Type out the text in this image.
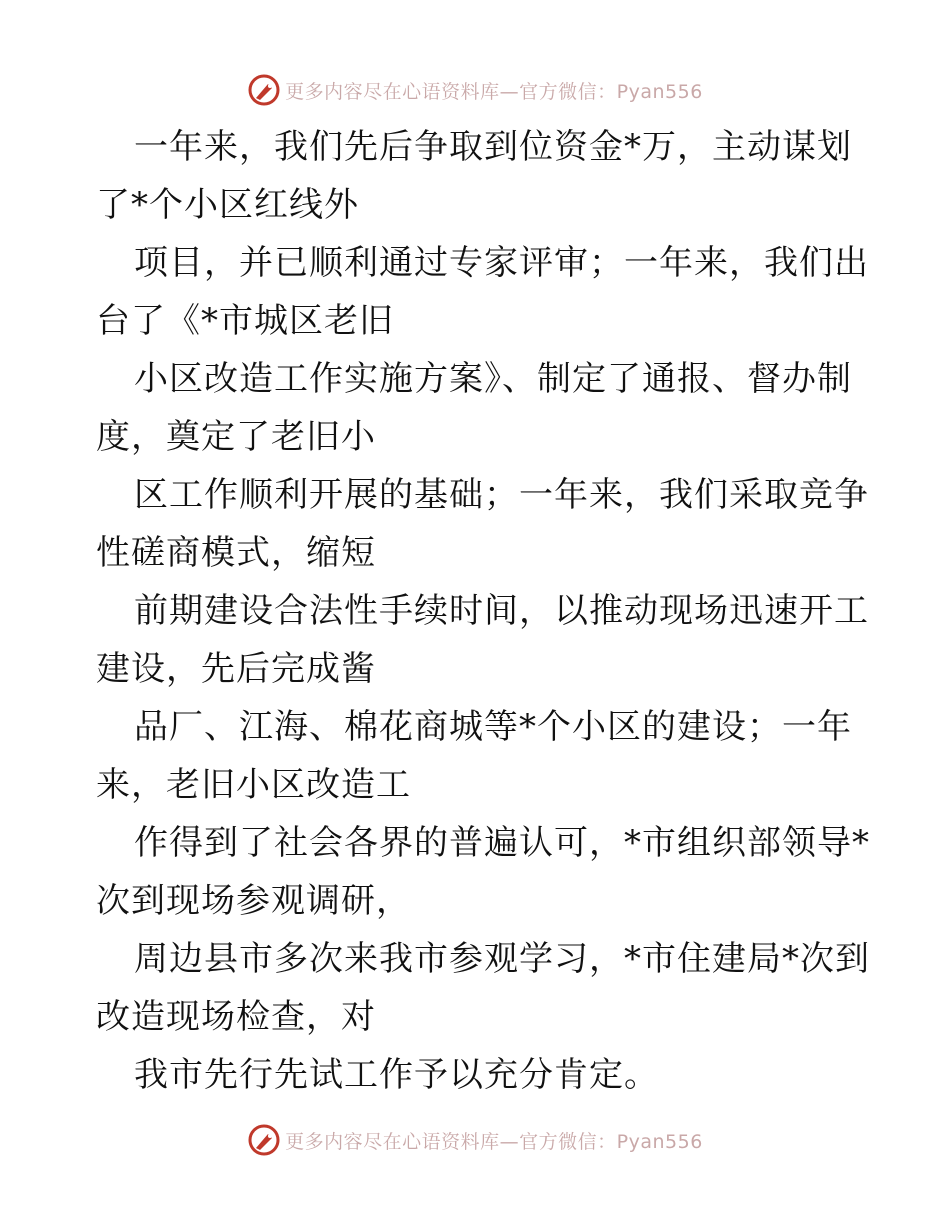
更多内容尽在心语资料库—官方微信：Pyan556
一年来，我们先后争取到位资金*万，主动谋划
了*个小区红线外
项目，并已顺利通过专家评审；一年来，我们出
台了《*市城区老旧
小区改造工作实施方案》、制定了通报、督办制
度，奠定了老旧小
区工作顺利开展的基础；一年来，我们采取竞争
性磋商模式，缩短
前期建设合法性手续时间，以推动现场迅速开工
建设，先后完成酱
品厂、江海、棉花商城等*个小区的建设；一年
来，老旧小区改造工
作得到了社会各界的普遍认可，*市组织部领导*
次到现场参观调研，
周边县市多次来我市参观学习，*市住建局*次到
改造现场检查，对
我市先行先试工作予以充分肯定。
更多内容尽在心语资料库—官方微信：Pyan556
